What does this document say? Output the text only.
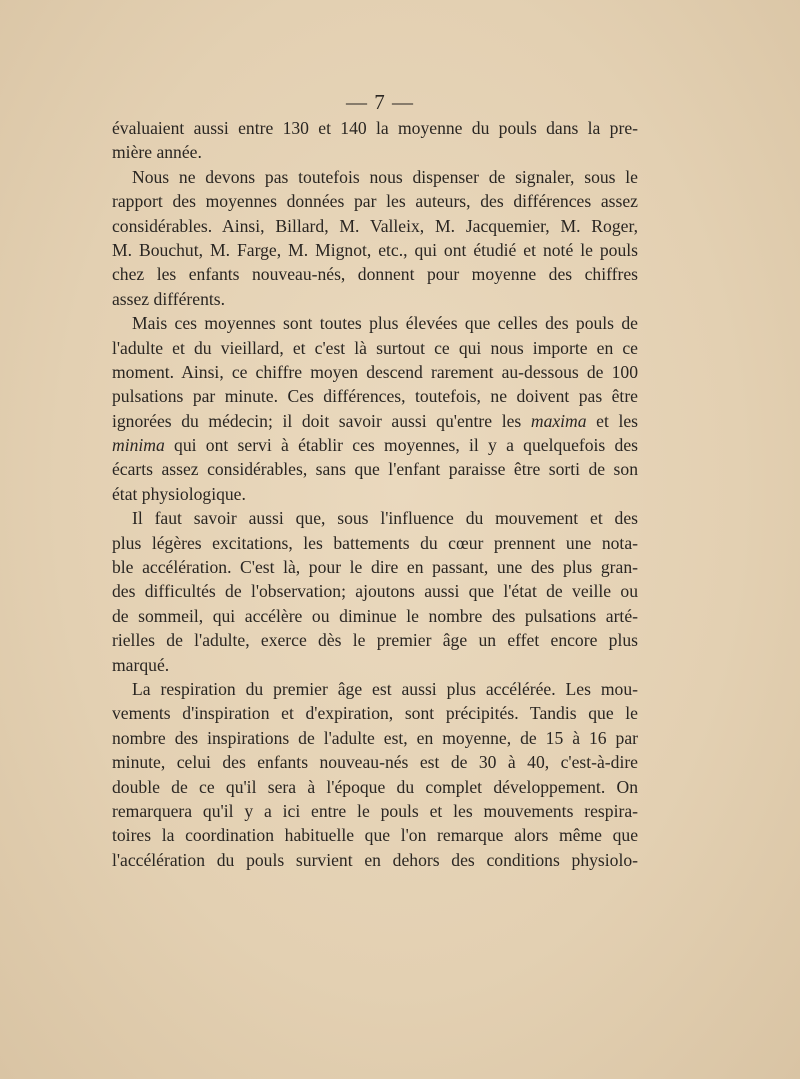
— 7 —
évaluaient aussi entre 130 et 140 la moyenne du pouls dans la pre-
mière année.
Nous ne devons pas toutefois nous dispenser de signaler, sous le
rapport des moyennes données par les auteurs, des différences assez
considérables. Ainsi, Billard, M. Valleix, M. Jacquemier, M. Roger,
M. Bouchut, M. Farge, M. Mignot, etc., qui ont étudié et noté le pouls
chez les enfants nouveau-nés, donnent pour moyenne des chiffres
assez différents.
Mais ces moyennes sont toutes plus élevées que celles des pouls de
l'adulte et du vieillard, et c'est là surtout ce qui nous importe en ce
moment. Ainsi, ce chiffre moyen descend rarement au-dessous de 100
pulsations par minute. Ces différences, toutefois, ne doivent pas être
ignorées du médecin; il doit savoir aussi qu'entre les maxima et les
minima qui ont servi à établir ces moyennes, il y a quelquefois des
écarts assez considérables, sans que l'enfant paraisse être sorti de son
état physiologique.
Il faut savoir aussi que, sous l'influence du mouvement et des
plus légères excitations, les battements du cœur prennent une nota-
ble accélération. C'est là, pour le dire en passant, une des plus gran-
des difficultés de l'observation; ajoutons aussi que l'état de veille ou
de sommeil, qui accélère ou diminue le nombre des pulsations arté-
rielles de l'adulte, exerce dès le premier âge un effet encore plus
marqué.
La respiration du premier âge est aussi plus accélérée. Les mou-
vements d'inspiration et d'expiration, sont précipités. Tandis que le
nombre des inspirations de l'adulte est, en moyenne, de 15 à 16 par
minute, celui des enfants nouveau-nés est de 30 à 40, c'est-à-dire
double de ce qu'il sera à l'époque du complet développement. On
remarquera qu'il y a ici entre le pouls et les mouvements respira-
toires la coordination habituelle que l'on remarque alors même que
l'accélération du pouls survient en dehors des conditions physiolo-
